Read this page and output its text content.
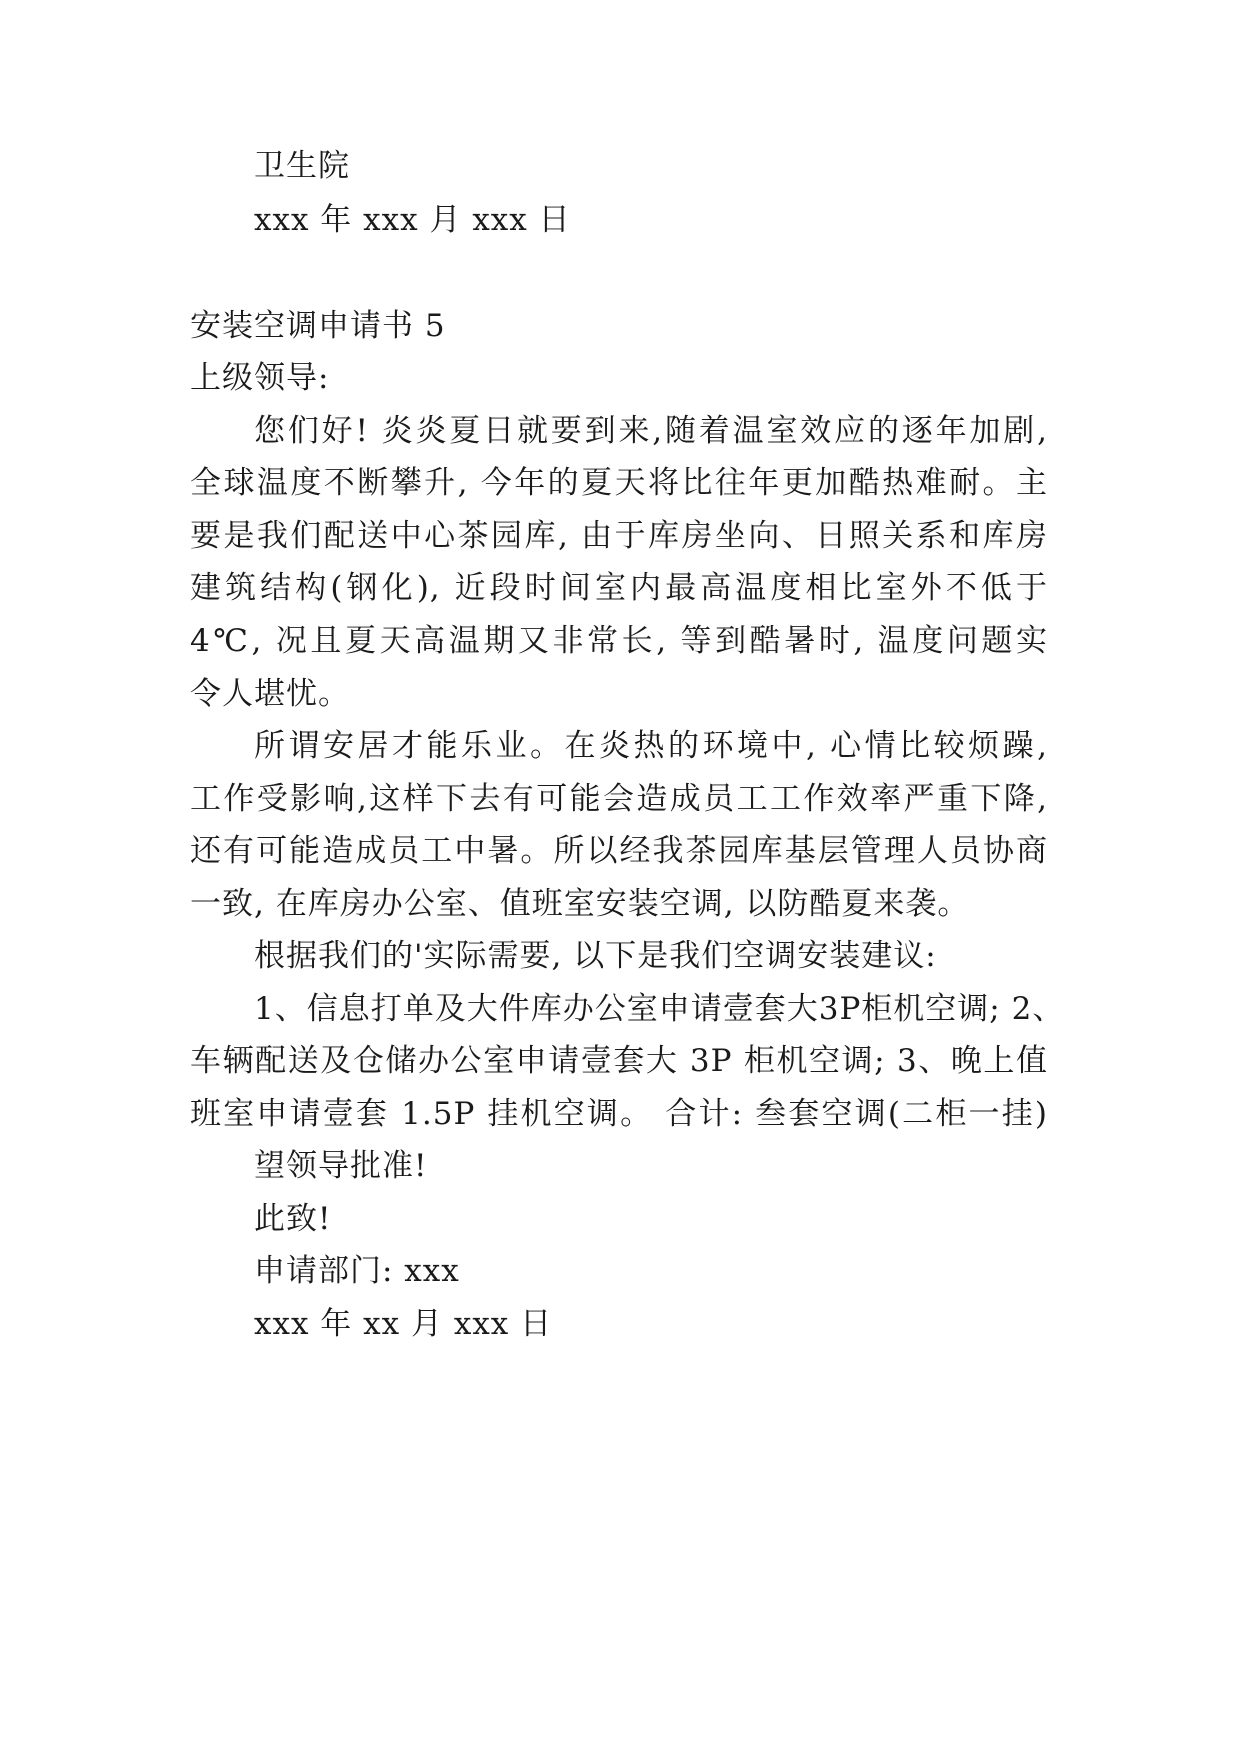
卫生院
xxx 年 xxx 月 xxx 日
安装空调申请书 5
上级领导:
您们好! 炎炎夏日就要到来,随着温室效应的逐年加剧,
全球温度不断攀升, 今年的夏天将比往年更加酷热难耐。主
要是我们配送中心茶园库, 由于库房坐向、日照关系和库房
建筑结构(钢化), 近段时间室内最高温度相比室外不低于
4℃, 况且夏天高温期又非常长, 等到酷暑时, 温度问题实
令人堪忧。
所谓安居才能乐业。在炎热的环境中, 心情比较烦躁,
工作受影响,这样下去有可能会造成员工工作效率严重下降,
还有可能造成员工中暑。所以经我茶园库基层管理人员协商
一致, 在库房办公室、值班室安装空调, 以防酷夏来袭。
根据我们的'实际需要, 以下是我们空调安装建议:
1、信息打单及大件库办公室申请壹套大3P柜机空调; 2、
车辆配送及仓储办公室申请壹套大 3P 柜机空调; 3、晚上值
班室申请壹套 1.5P 挂机空调。 合计: 叁套空调(二柜一挂)
望领导批准!
此致!
申请部门: xxx
xxx 年 xx 月 xxx 日
